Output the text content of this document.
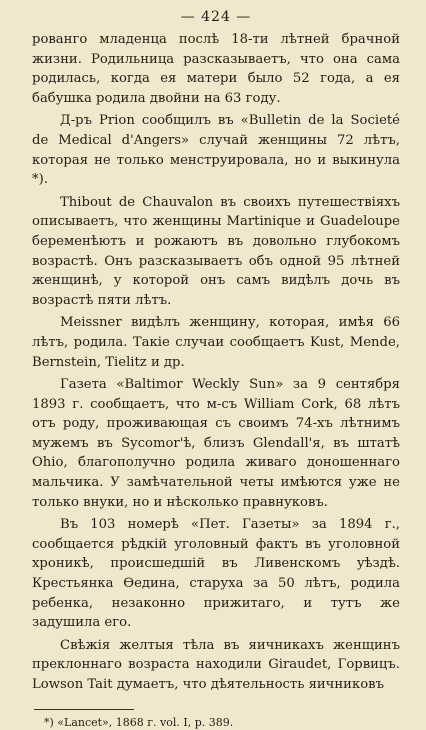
— 424 —

рованго младенца послѣ 18-ти лѣтней брачной жизни. Родильница разсказываетъ, что она сама родилась, когда ея матери было 52 года, а ея бабушка родила двойни на 63 году.

Д-ръ Prion сообщилъ въ «Bulletin de la Societé de Medical d'Angers» случай женщины 72 лѣтъ, которая не только менструировала, но и выкинула *).

Thibout de Chauvalon въ своихъ путешествіяхъ описываетъ, что женщины Martinique и Guadeloupe беременѣютъ и рожаютъ въ довольно глубокомъ возрастѣ. Онъ разсказываетъ объ одной 95 лѣтней женщинѣ, у которой онъ самъ видѣлъ дочь въ возрастѣ пяти лѣтъ.

Meissner видѣлъ женщину, которая, имѣя 66 лѣтъ, родила. Такіе случаи сообщаетъ Kust, Mende, Bernstein, Tielitz и др.

Газета «Baltimor Weckly Sun» за 9 сентября 1893 г. сообщаетъ, что м-съ William Cork, 68 лѣтъ отъ роду, проживающая съ своимъ 74-хъ лѣтнимъ мужемъ въ Sycomor'ѣ, близъ Glendall'я, въ штатѣ Ohio, благополучно родила живаго доношеннаго мальчика. У замѣчательной четы имѣются уже не только внуки, но и нѣсколько правнуковъ.

Въ 103 номерѣ «Пет. Газеты» за 1894 г., сообщается рѣдкій уголовный фактъ въ уголовной хроникѣ, происшедшій въ Ливенскомъ уѣздѣ. Крестьянка Ѳедина, старуха за 50 лѣтъ, родила ребенка, незаконно прижитаго, и тутъ же задушила его.

Свѣжія желтыя тѣла въ яичникахъ женщинъ преклоннаго возраста находили Giraudet, Горвицъ. Lowson Tait думаетъ, что дѣятельность яичниковъ

*) «Lancet», 1868 г. vol. I, p. 389.
